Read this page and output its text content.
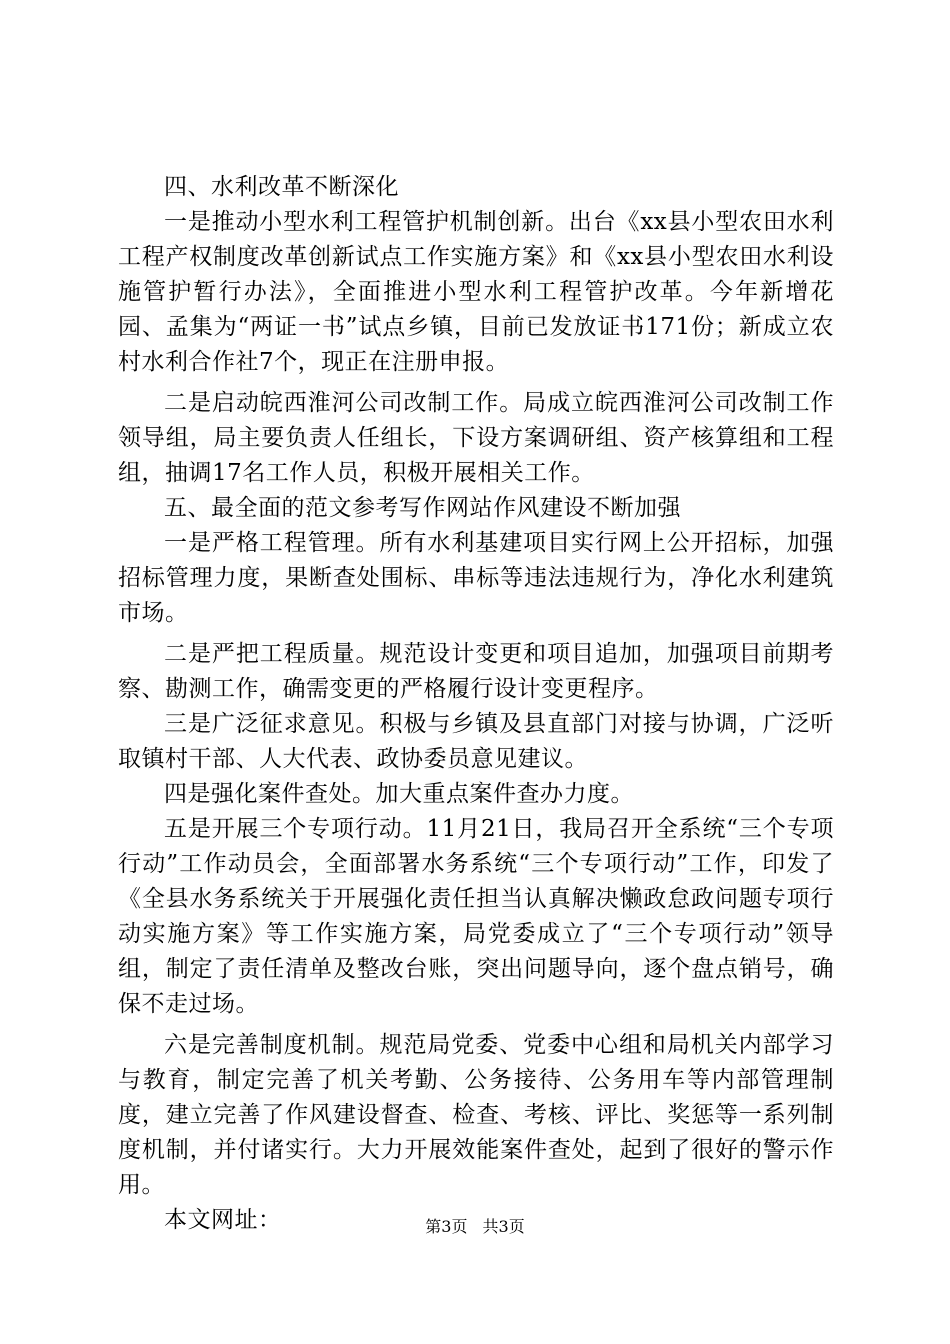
四、水利改革不断深化

一是推动小型水利工程管护机制创新。出台《xx县小型农田水利工程产权制度改革创新试点工作实施方案》和《xx县小型农田水利设施管护暂行办法》，全面推进小型水利工程管护改革。今年新增花园、孟集为“两证一书”试点乡镇，目前已发放证书171份；新成立农村水利合作社7个，现正在注册申报。

二是启动皖西淮河公司改制工作。局成立皖西淮河公司改制工作领导组，局主要负责人任组长，下设方案调研组、资产核算组和工程组，抽调17名工作人员，积极开展相关工作。

五、最全面的范文参考写作网站作风建设不断加强

一是严格工程管理。所有水利基建项目实行网上公开招标，加强招标管理力度，果断查处围标、串标等违法违规行为，净化水利建筑市场。

二是严把工程质量。规范设计变更和项目追加，加强项目前期考察、勘测工作，确需变更的严格履行设计变更程序。

三是广泛征求意见。积极与乡镇及县直部门对接与协调，广泛听取镇村干部、人大代表、政协委员意见建议。

四是强化案件查处。加大重点案件查办力度。

五是开展三个专项行动。11月21日，我局召开全系统“三个专项行动”工作动员会，全面部署水务系统“三个专项行动”工作，印发了《全县水务系统关于开展强化责任担当认真解决懒政怠政问题专项行动实施方案》等工作实施方案，局党委成立了“三个专项行动”领导组，制定了责任清单及整改台账，突出问题导向，逐个盘点销号，确保不走过场。

六是完善制度机制。规范局党委、党委中心组和局机关内部学习与教育，制定完善了机关考勤、公务接待、公务用车等内部管理制度，建立完善了作风建设督查、检查、考核、评比、奖惩等一系列制度机制，并付诸实行。大力开展效能案件查处，起到了很好的警示作用。

本文网址：	第3页 共3页
